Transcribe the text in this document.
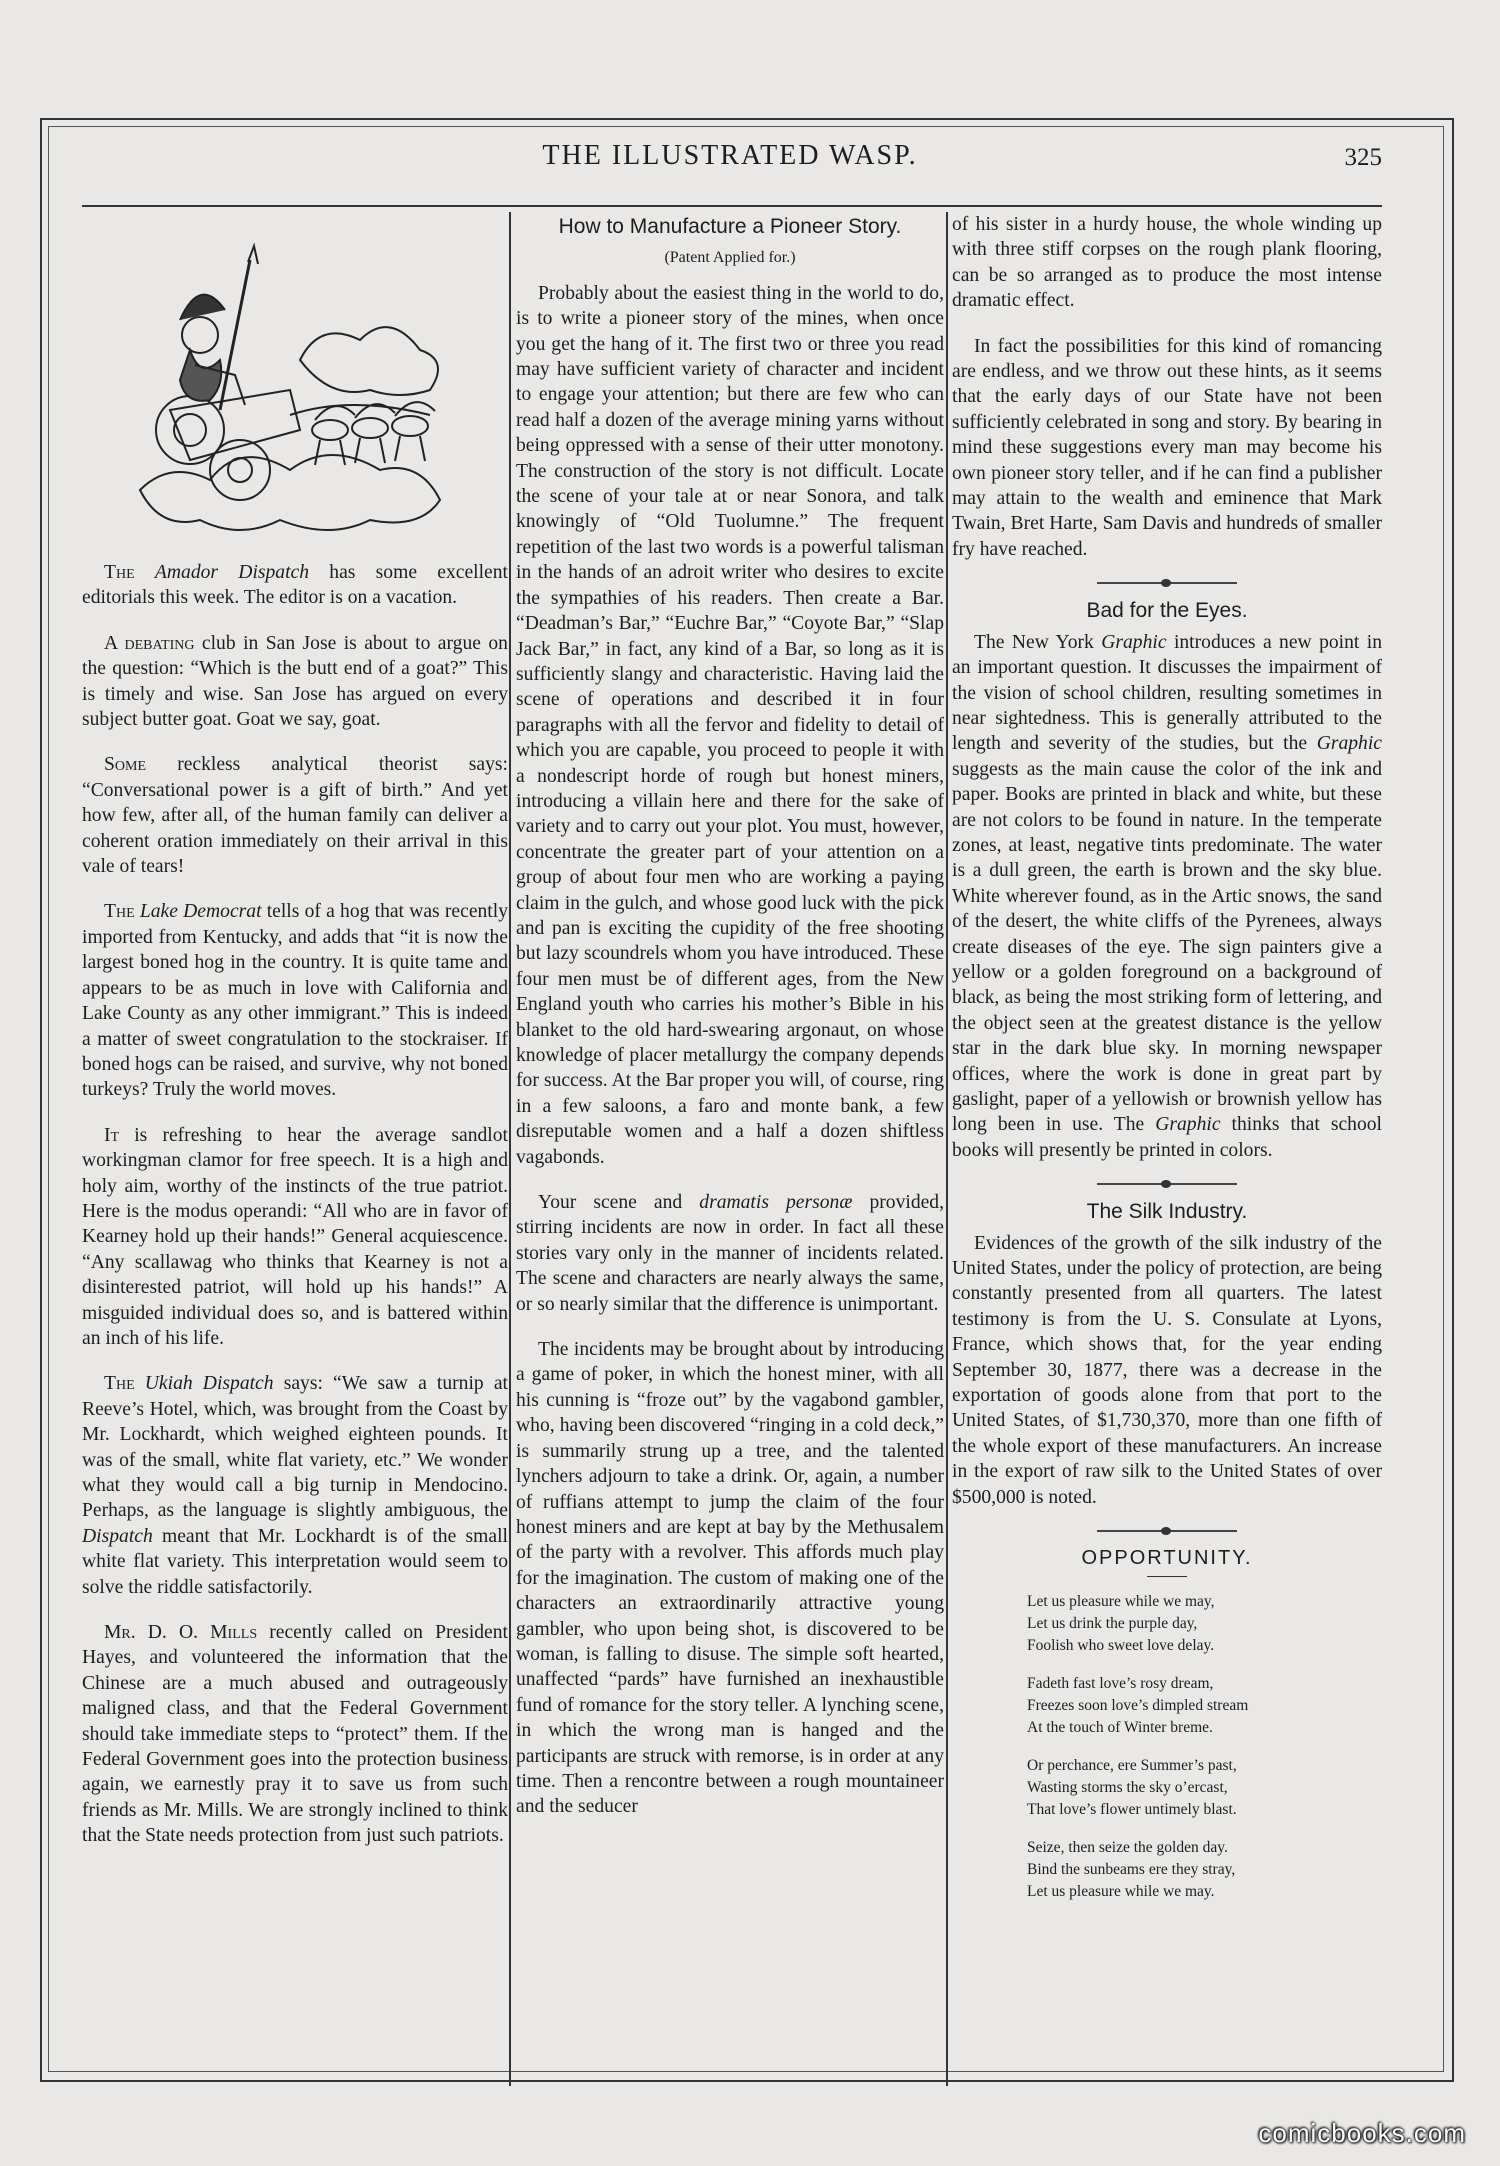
THE ILLUSTRATED WASP.	325

The Amador Dispatch has some excellent editorials this week. The editor is on a vacation.

A debating club in San Jose is about to argue on the question: “Which is the butt end of a goat?” This is timely and wise. San Jose has argued on every subject butter goat. Goat we say, goat.

Some reckless analytical theorist says: “Conversational power is a gift of birth.” And yet how few, after all, of the human family can deliver a coherent oration immediately on their arrival in this vale of tears!

The Lake Democrat tells of a hog that was recently imported from Kentucky, and adds that “it is now the largest boned hog in the country. It is quite tame and appears to be as much in love with California and Lake County as any other immigrant.” This is indeed a matter of sweet congratulation to the stockraiser. If boned hogs can be raised, and survive, why not boned turkeys? Truly the world moves.

It is refreshing to hear the average sandlot workingman clamor for free speech. It is a high and holy aim, worthy of the instincts of the true patriot. Here is the modus operandi: “All who are in favor of Kearney hold up their hands!” General acquiescence. “Any scallawag who thinks that Kearney is not a disinterested patriot, will hold up his hands!” A misguided individual does so, and is battered within an inch of his life.

The Ukiah Dispatch says: “We saw a turnip at Reeve’s Hotel, which, was brought from the Coast by Mr. Lockhardt, which weighed eighteen pounds. It was of the small, white flat variety, etc.” We wonder what they would call a big turnip in Mendocino. Perhaps, as the language is slightly ambiguous, the Dispatch meant that Mr. Lockhardt is of the small white flat variety. This interpretation would seem to solve the riddle satisfactorily.

Mr. D. O. Mills recently called on President Hayes, and volunteered the information that the Chinese are a much abused and outrageously maligned class, and that the Federal Government should take immediate steps to “protect” them. If the Federal Government goes into the protection business again, we earnestly pray it to save us from such friends as Mr. Mills. We are strongly inclined to think that the State needs protection from just such patriots.

How to Manufacture a Pioneer Story.
(Patent Applied for.)

Probably about the easiest thing in the world to do, is to write a pioneer story of the mines, when once you get the hang of it. The first two or three you read may have sufficient variety of character and incident to engage your attention; but there are few who can read half a dozen of the average mining yarns without being oppressed with a sense of their utter monotony. The construction of the story is not difficult. Locate the scene of your tale at or near Sonora, and talk knowingly of “Old Tuolumne.” The frequent repetition of the last two words is a powerful talisman in the hands of an adroit writer who desires to excite the sympathies of his readers. Then create a Bar. “Deadman’s Bar,” “Euchre Bar,” “Coyote Bar,” “Slap Jack Bar,” in fact, any kind of a Bar, so long as it is sufficiently slangy and characteristic. Having laid the scene of operations and described it in four paragraphs with all the fervor and fidelity to detail of which you are capable, you proceed to people it with a nondescript horde of rough but honest miners, introducing a villain here and there for the sake of variety and to carry out your plot. You must, however, concentrate the greater part of your attention on a group of about four men who are working a paying claim in the gulch, and whose good luck with the pick and pan is exciting the cupidity of the free shooting but lazy scoundrels whom you have introduced. These four men must be of different ages, from the New England youth who carries his mother’s Bible in his blanket to the old hard-swearing argonaut, on whose knowledge of placer metallurgy the company depends for success. At the Bar proper you will, of course, ring in a few saloons, a faro and monte bank, a few disreputable women and a half a dozen shiftless vagabonds.

Your scene and dramatis personæ provided, stirring incidents are now in order. In fact all these stories vary only in the manner of incidents related. The scene and characters are nearly always the same, or so nearly similar that the difference is unimportant.

The incidents may be brought about by introducing a game of poker, in which the honest miner, with all his cunning is “froze out” by the vagabond gambler, who, having been discovered “ringing in a cold deck,” is summarily strung up a tree, and the talented lynchers adjourn to take a drink. Or, again, a number of ruffians attempt to jump the claim of the four honest miners and are kept at bay by the Methusalem of the party with a revolver. This affords much play for the imagination. The custom of making one of the characters an extraordinarily attractive young gambler, who upon being shot, is discovered to be woman, is falling to disuse. The simple soft hearted, unaffected “pards” have furnished an inexhaustible fund of romance for the story teller. A lynching scene, in which the wrong man is hanged and the participants are struck with remorse, is in order at any time. Then a rencontre between a rough mountaineer and the seducer

of his sister in a hurdy house, the whole winding up with three stiff corpses on the rough plank flooring, can be so arranged as to produce the most intense dramatic effect.

In fact the possibilities for this kind of romancing are endless, and we throw out these hints, as it seems that the early days of our State have not been sufficiently celebrated in song and story. By bearing in mind these suggestions every man may become his own pioneer story teller, and if he can find a publisher may attain to the wealth and eminence that Mark Twain, Bret Harte, Sam Davis and hundreds of smaller fry have reached.

Bad for the Eyes.

The New York Graphic introduces a new point in an important question. It discusses the impairment of the vision of school children, resulting sometimes in near sightedness. This is generally attributed to the length and severity of the studies, but the Graphic suggests as the main cause the color of the ink and paper. Books are printed in black and white, but these are not colors to be found in nature. In the temperate zones, at least, negative tints predominate. The water is a dull green, the earth is brown and the sky blue. White wherever found, as in the Artic snows, the sand of the desert, the white cliffs of the Pyrenees, always create diseases of the eye. The sign painters give a yellow or a golden foreground on a background of black, as being the most striking form of lettering, and the object seen at the greatest distance is the yellow star in the dark blue sky. In morning newspaper offices, where the work is done in great part by gaslight, paper of a yellowish or brownish yellow has long been in use. The Graphic thinks that school books will presently be printed in colors.

The Silk Industry.

Evidences of the growth of the silk industry of the United States, under the policy of protection, are being constantly presented from all quarters. The latest testimony is from the U. S. Consulate at Lyons, France, which shows that, for the year ending September 30, 1877, there was a decrease in the exportation of goods alone from that port to the United States, of $1,730,370, more than one fifth of the whole export of these manufacturers. An increase in the export of raw silk to the United States of over $500,000 is noted.

OPPORTUNITY.
Let us pleasure while we may,
Let us drink the purple day,
Foolish who sweet love delay.
Fadeth fast love’s rosy dream,
Freezes soon love’s dimpled stream
At the touch of Winter breme.
Or perchance, ere Summer’s past,
Wasting storms the sky o’ercast,
That love’s flower untimely blast.
Seize, then seize the golden day.
Bind the sunbeams ere they stray,
Let us pleasure while we may.
comicbooks.com
